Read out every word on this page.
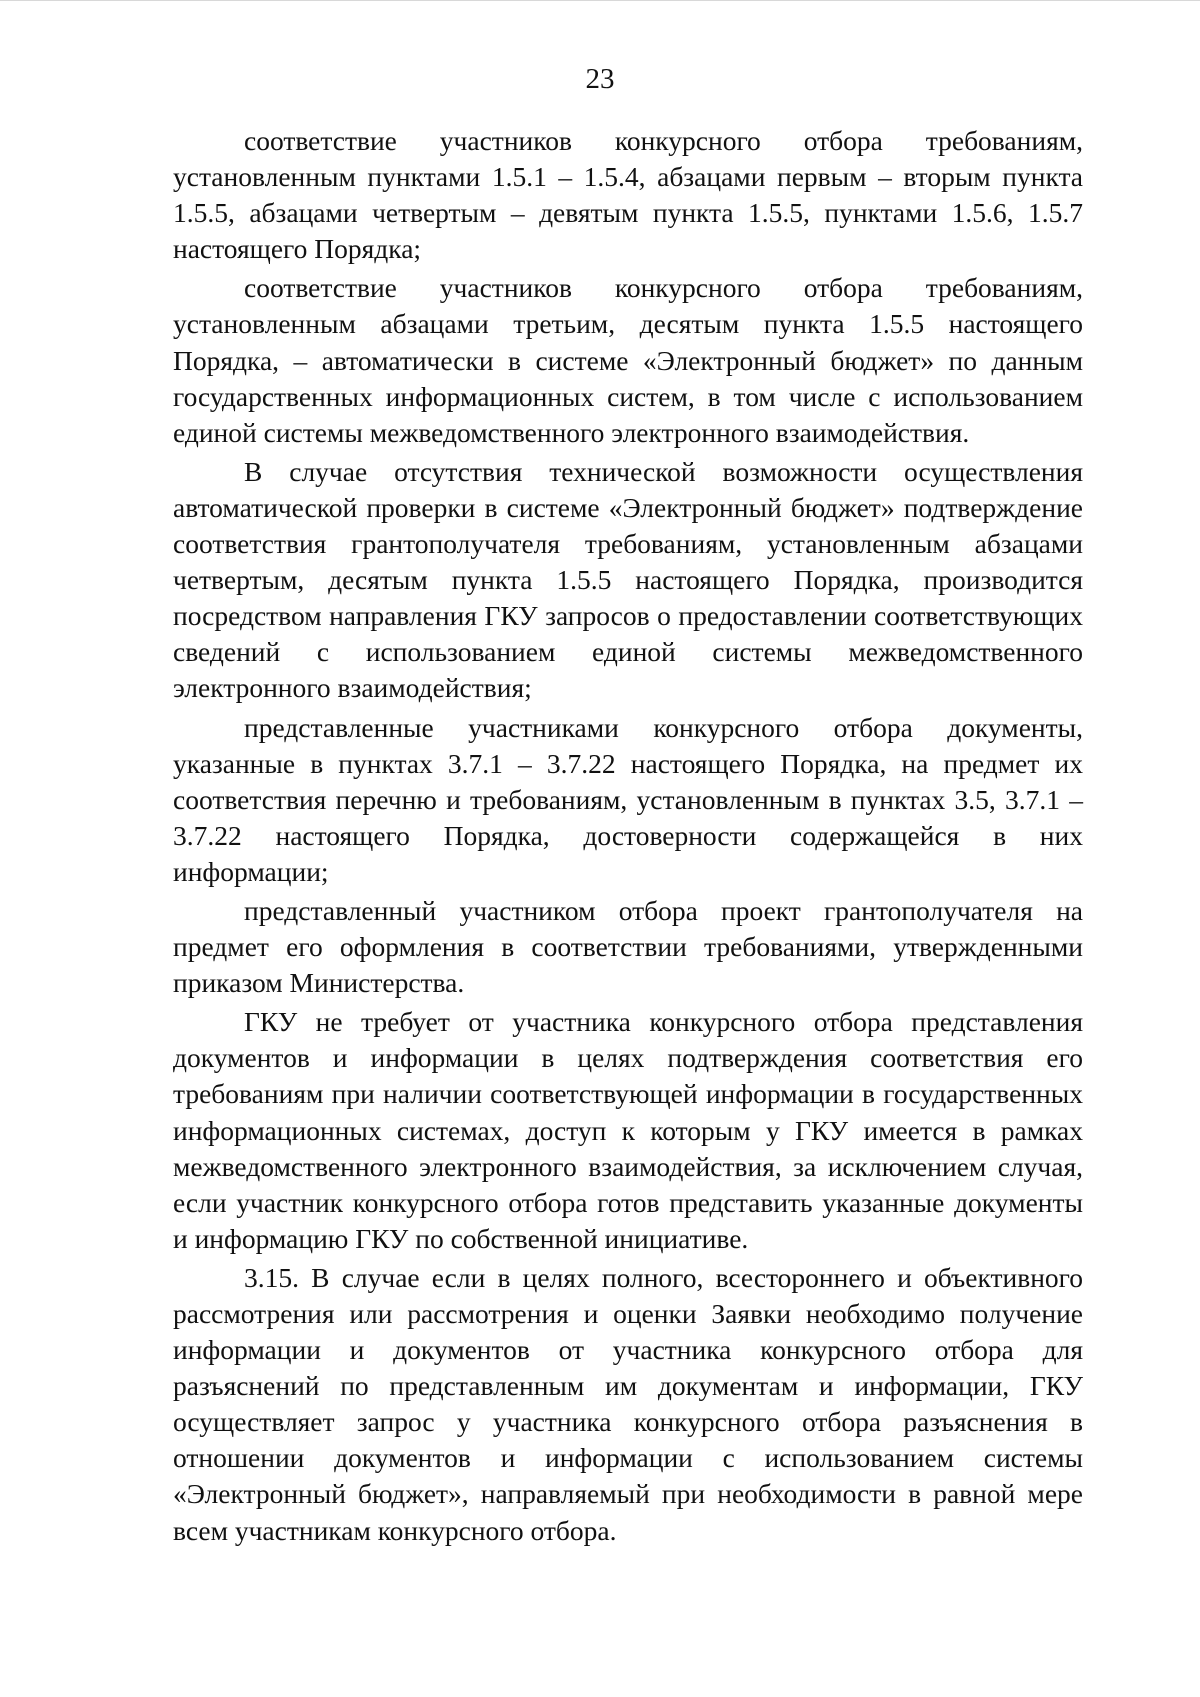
23

соответствие участников конкурсного отбора требованиям, установленным пунктами 1.5.1 – 1.5.4, абзацами первым – вторым пункта 1.5.5, абзацами четвертым – девятым пункта 1.5.5, пунктами 1.5.6, 1.5.7 настоящего Порядка;

соответствие участников конкурсного отбора требованиям, установленным абзацами третьим, десятым пункта 1.5.5 настоящего Порядка, – автоматически в системе «Электронный бюджет» по данным государственных информационных систем, в том числе с использованием единой системы межведомственного электронного взаимодействия.

В случае отсутствия технической возможности осуществления автоматической проверки в системе «Электронный бюджет» подтверждение соответствия грантополучателя требованиям, установленным абзацами четвертым, десятым пункта 1.5.5 настоящего Порядка, производится посредством направления ГКУ запросов о предоставлении соответствующих сведений с использованием единой системы межведомственного электронного взаимодействия;

представленные участниками конкурсного отбора документы, указанные в пунктах 3.7.1 – 3.7.22 настоящего Порядка, на предмет их соответствия перечню и требованиям, установленным в пунктах 3.5, 3.7.1 – 3.7.22 настоящего Порядка, достоверности содержащейся в них информации;

представленный участником отбора проект грантополучателя на предмет его оформления в соответствии требованиями, утвержденными приказом Министерства.

ГКУ не требует от участника конкурсного отбора представления документов и информации в целях подтверждения соответствия его требованиям при наличии соответствующей информации в государственных информационных системах, доступ к которым у ГКУ имеется в рамках межведомственного электронного взаимодействия, за исключением случая, если участник конкурсного отбора готов представить указанные документы и информацию ГКУ по собственной инициативе.

3.15. В случае если в целях полного, всестороннего и объективного рассмотрения или рассмотрения и оценки Заявки необходимо получение информации и документов от участника конкурсного отбора для разъяснений по представленным им документам и информации, ГКУ осуществляет запрос у участника конкурсного отбора разъяснения в отношении документов и информации с использованием системы «Электронный бюджет», направляемый при необходимости в равной мере всем участникам конкурсного отбора.
